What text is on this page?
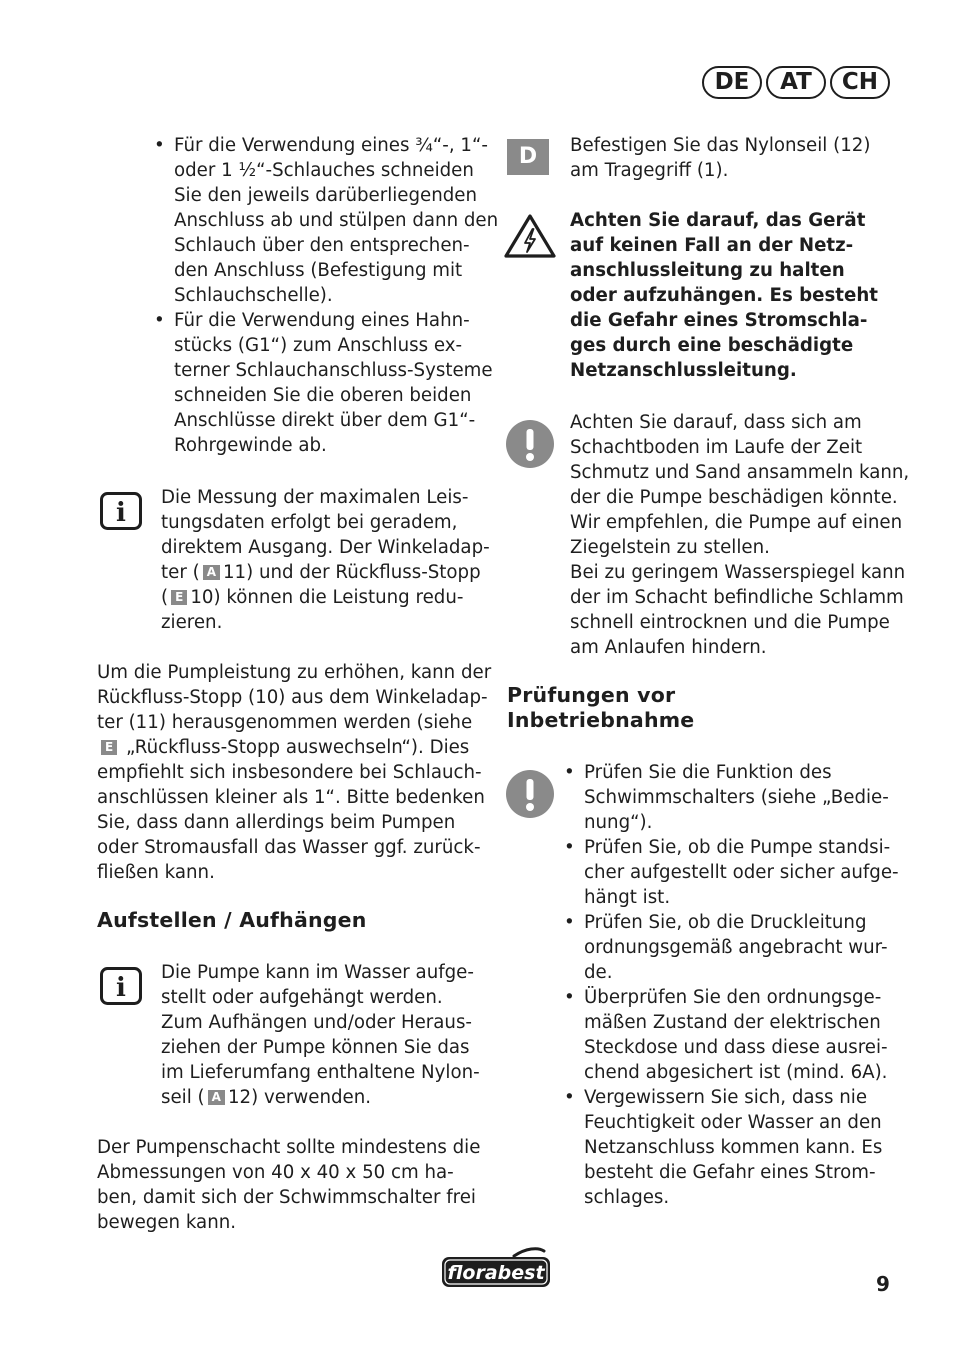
DE	AT	CH
• Für die Verwendung eines ¾“-, 1“-
oder 1 ½“-Schlauches schneiden
Sie den jeweils darüberliegenden
Anschluss ab und stülpen dann den
Schlauch über den entsprechen-
den Anschluss (Befestigung mit
Schlauchschelle).
• Für die Verwendung eines Hahn-
stücks (G1“) zum Anschluss ex-
terner Schlauchanschluss-Systeme
schneiden Sie die oberen beiden
Anschlüsse direkt über dem G1“-
Rohrgewinde ab.
i
Die Messung der maximalen Leis-
tungsdaten erfolgt bei geradem,
direktem Ausgang. Der Winkeladap-
ter ( A 11) und der Rückfluss-Stopp
( E 10) können die Leistung redu-
zieren.
Um die Pumpleistung zu erhöhen, kann der
Rückfluss-Stopp (10) aus dem Winkeladap-
ter (11) herausgenommen werden (siehe
E „Rückfluss-Stopp auswechseln“). Dies
empfiehlt sich insbesondere bei Schlauch-
anschlüssen kleiner als 1“. Bitte bedenken
Sie, dass dann allerdings beim Pumpen
oder Stromausfall das Wasser ggf. zurück-
fließen kann.
Aufstellen / Aufhängen
i
Die Pumpe kann im Wasser aufge-
stellt oder aufgehängt werden.
Zum Aufhängen und/oder Heraus-
ziehen der Pumpe können Sie das
im Lieferumfang enthaltene Nylon-
seil ( A 12) verwenden.
Der Pumpenschacht sollte mindestens die
Abmessungen von 40 x 40 x 50 cm ha-
ben, damit sich der Schwimmschalter frei
bewegen kann.
D	Befestigen Sie das Nylonseil (12)
am Tragegriff (1).
Achten Sie darauf, das Gerät
auf keinen Fall an der Netz-
anschlussleitung zu halten
oder aufzuhängen. Es besteht
die Gefahr eines Stromschla-
ges durch eine beschädigte
Netzanschlussleitung.
Achten Sie darauf, dass sich am
Schachtboden im Laufe der Zeit
Schmutz und Sand ansammeln kann,
der die Pumpe beschädigen könnte.
Wir empfehlen, die Pumpe auf einen
Ziegelstein zu stellen.
Bei zu geringem Wasserspiegel kann
der im Schacht befindliche Schlamm
schnell eintrocknen und die Pumpe
am Anlaufen hindern.
Prüfungen vor
Inbetriebnahme
• Prüfen Sie die Funktion des
Schwimmschalters (siehe „Bedie-
nung“).
• Prüfen Sie, ob die Pumpe standsi-
cher aufgestellt oder sicher aufge-
hängt ist.
• Prüfen Sie, ob die Druckleitung
ordnungsgemäß angebracht wur-
de.
• Überprüfen Sie den ordnungsge-
mäßen Zustand der elektrischen
Steckdose und dass diese ausrei-
chend abgesichert ist (mind. 6A).
• Vergewissern Sie sich, dass nie
Feuchtigkeit oder Wasser an den
Netzanschluss kommen kann. Es
besteht die Gefahr eines Strom-
schlages.
florabest	9
